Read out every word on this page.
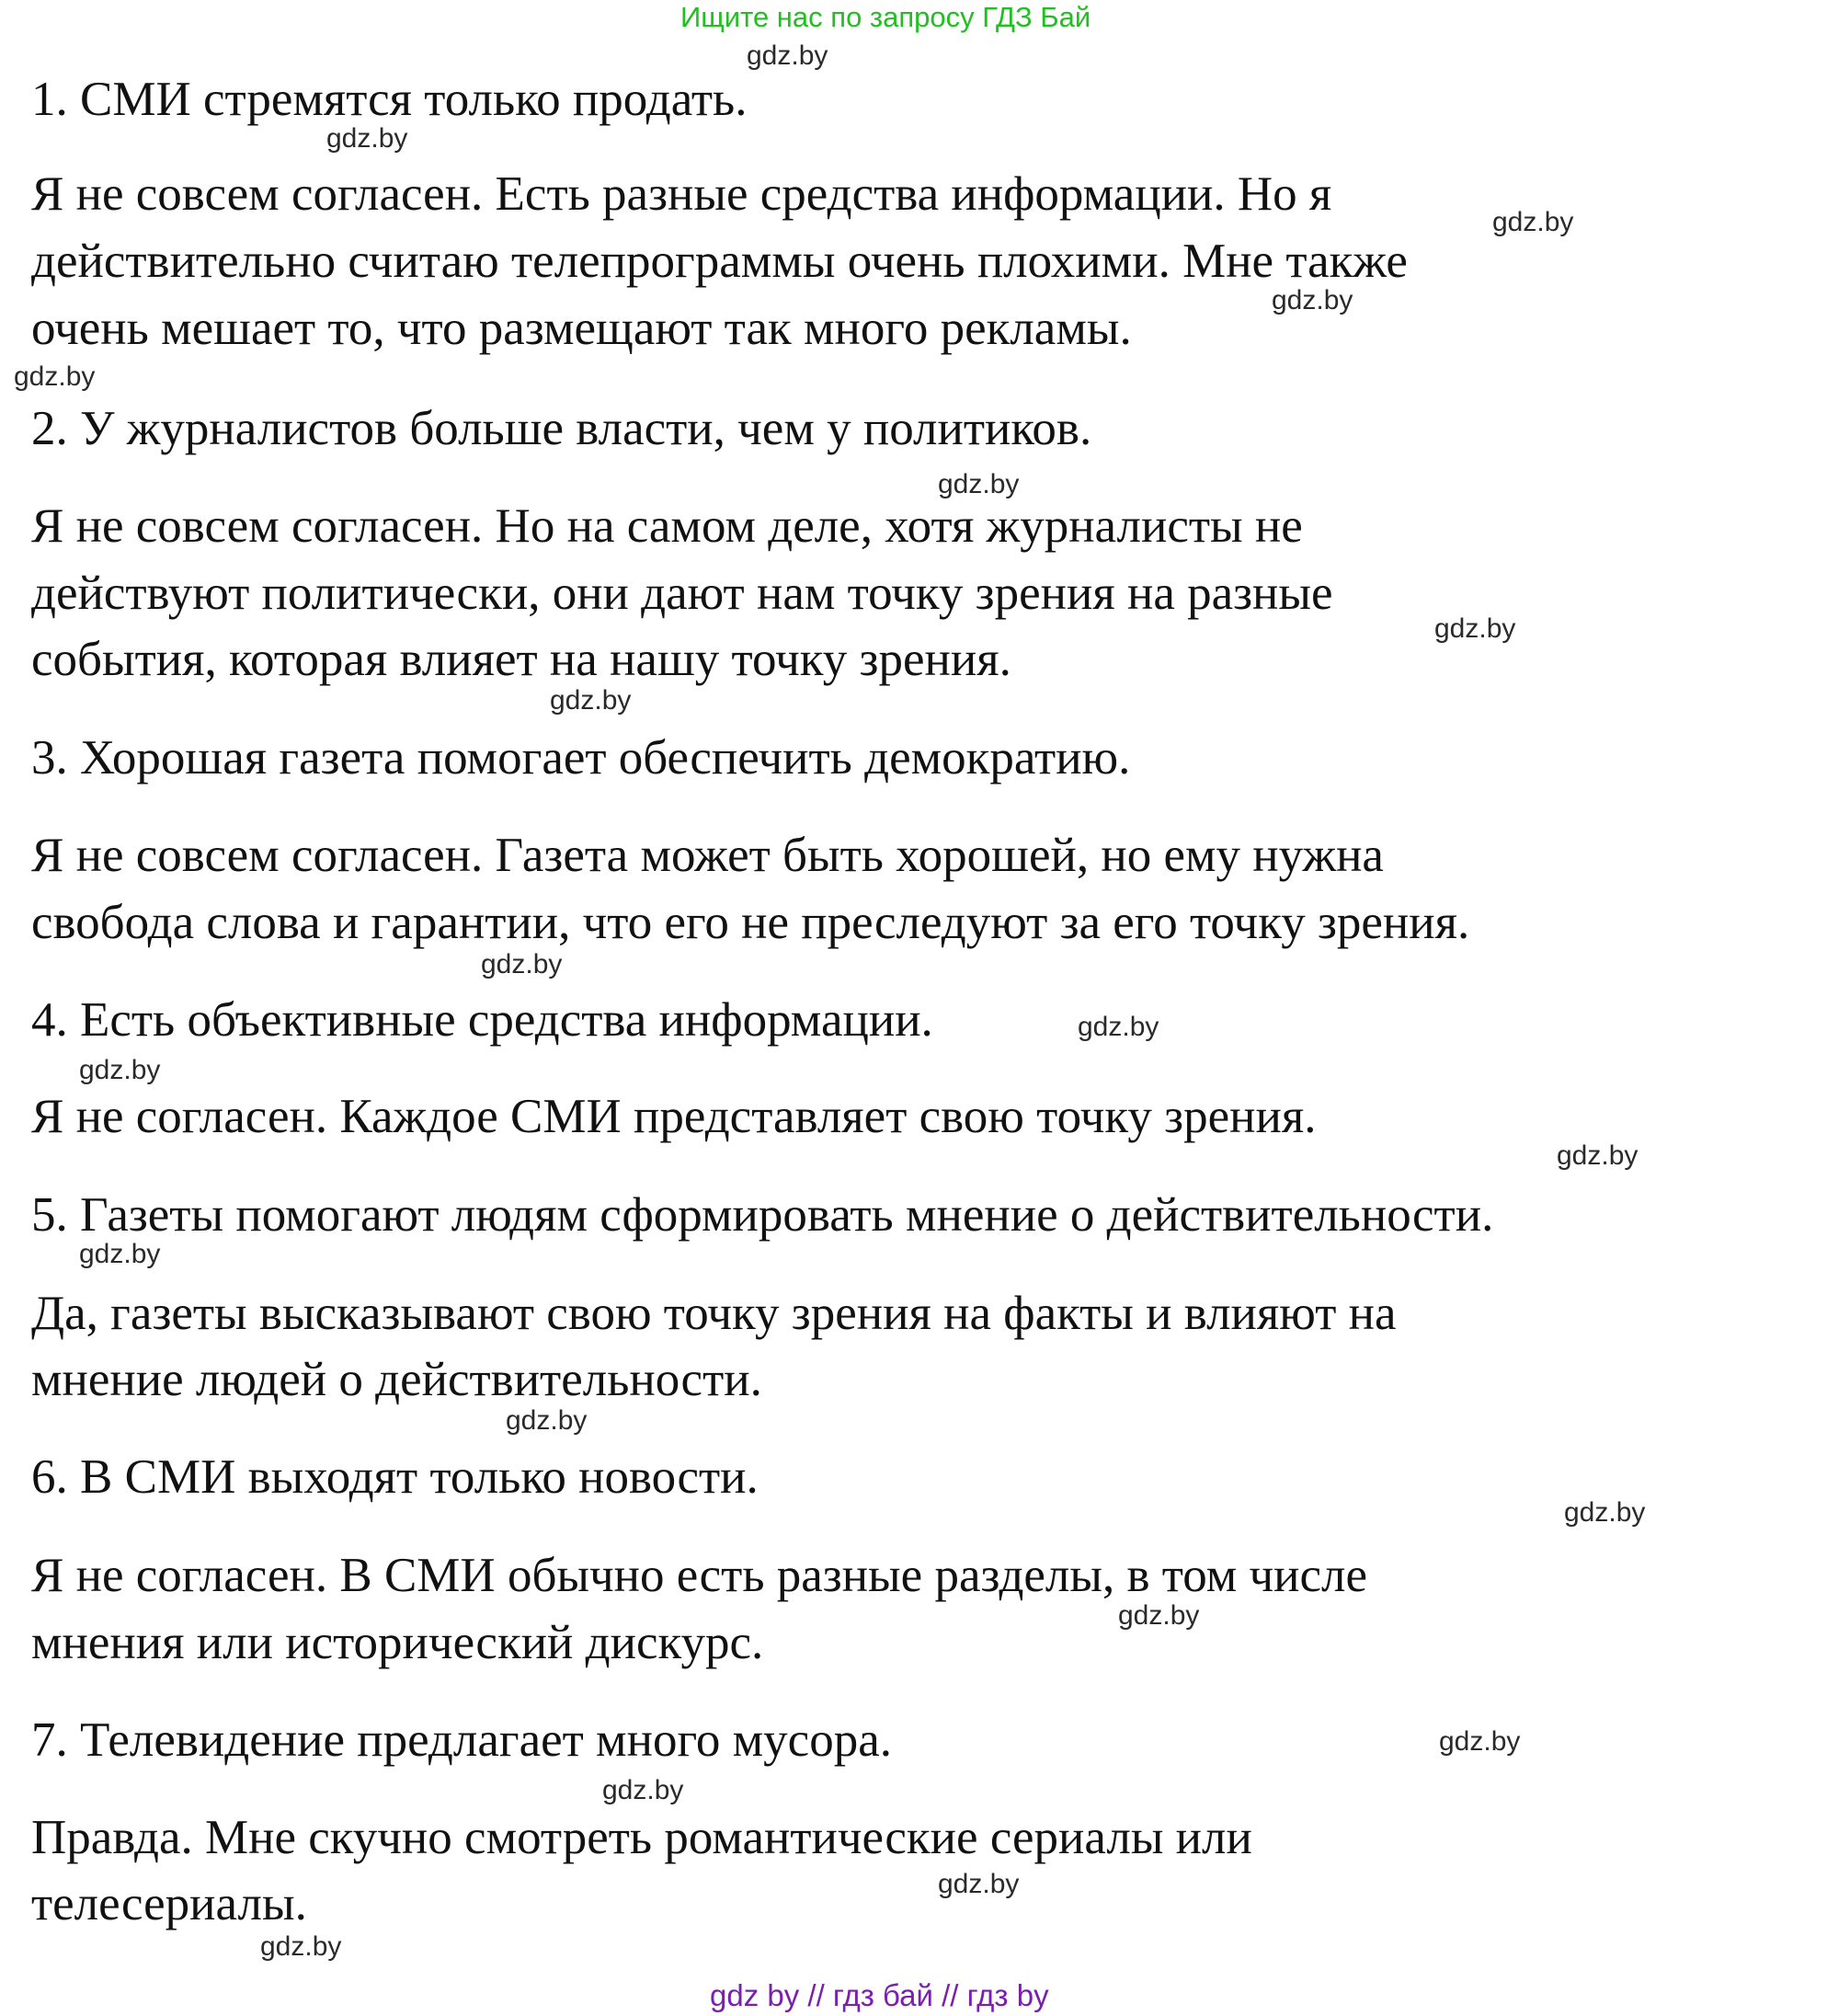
Ищите нас по запросу ГДЗ Бай

1. СМИ стремятся только продать.

Я не совсем согласен. Есть разные средства информации. Но я

действительно считаю телепрограммы очень плохими. Мне также

очень мешает то, что размещают так много рекламы.

2. У журналистов больше власти, чем у политиков.

Я не совсем согласен. Но на самом деле, хотя журналисты не

действуют политически, они дают нам точку зрения на разные

события, которая влияет на нашу точку зрения.

3. Хорошая газета помогает обеспечить демократию.

Я не совсем согласен. Газета может быть хорошей, но ему нужна

свобода слова и гарантии, что его не преследуют за его точку зрения.

4. Есть объективные средства информации.

Я не согласен. Каждое СМИ представляет свою точку зрения.

5. Газеты помогают людям сформировать мнение о действительности.

Да, газеты высказывают свою точку зрения на факты и влияют на

мнение людей о действительности.

6. В СМИ выходят только новости.

Я не согласен. В СМИ обычно есть разные разделы, в том числе

мнения или исторический дискурс.

7. Телевидение предлагает много мусора.

Правда. Мне скучно смотреть романтические сериалы или

телесериалы.

gdz.by
gdz.by
gdz.by
gdz.by
gdz.by
gdz.by
gdz.by
gdz.by
gdz.by
gdz.by
gdz.by
gdz.by
gdz.by
gdz.by
gdz.by
gdz.by
gdz.by
gdz.by
gdz.by
gdz.by
gdz by // гдз бай // гдз by
